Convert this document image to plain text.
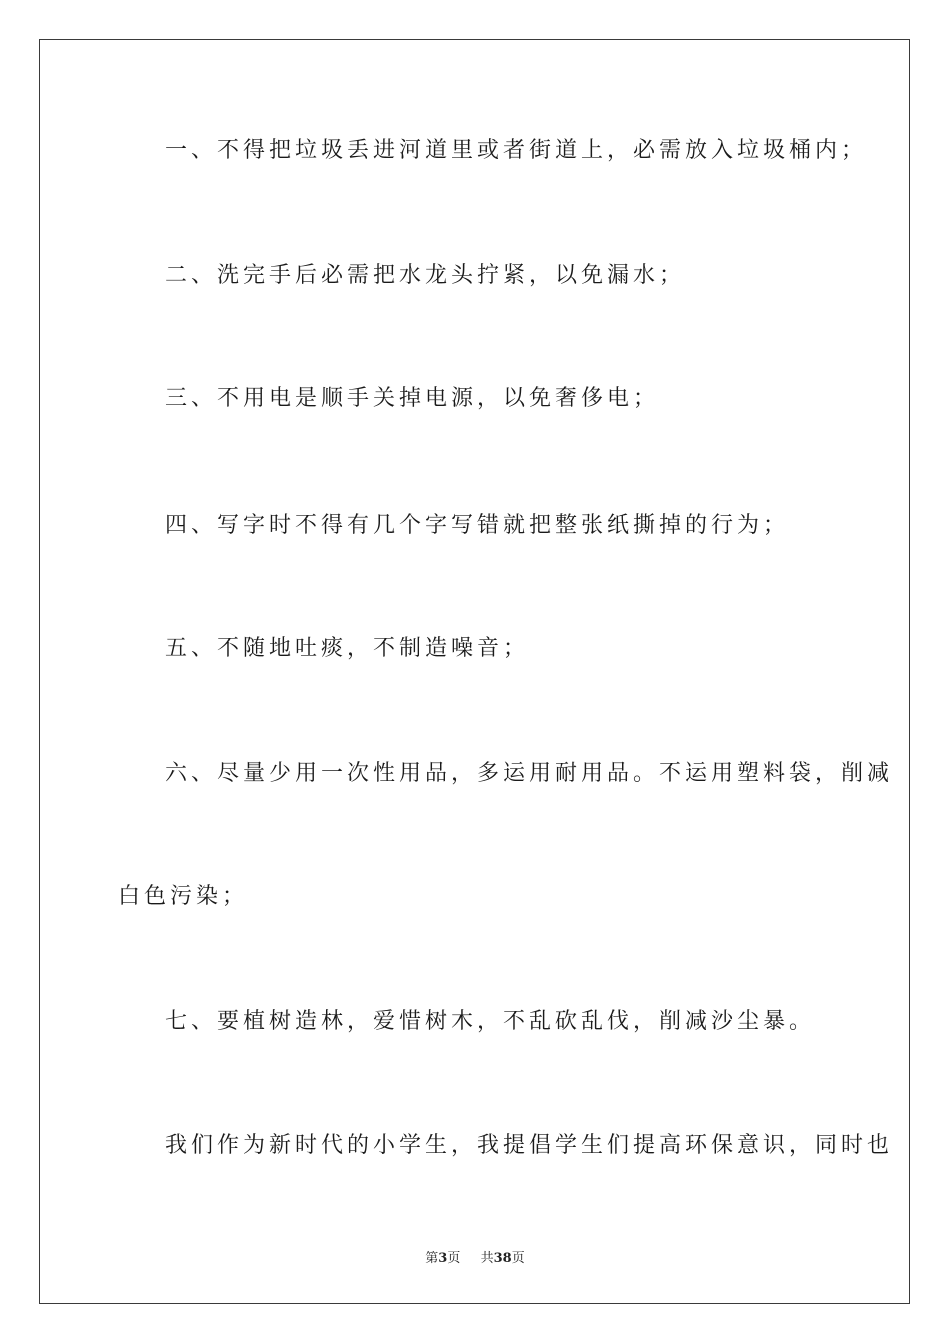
一、不得把垃圾丢进河道里或者街道上，必需放入垃圾桶内；
二、洗完手后必需把水龙头拧紧，以免漏水；
三、不用电是顺手关掉电源，以免奢侈电；
四、写字时不得有几个字写错就把整张纸撕掉的行为；
五、不随地吐痰，不制造噪音；
六、尽量少用一次性用品，多运用耐用品。不运用塑料袋，削减
白色污染；
七、要植树造林，爱惜树木，不乱砍乱伐，削减沙尘暴。
我们作为新时代的小学生，我提倡学生们提高环保意识，同时也
第3页 共38页
